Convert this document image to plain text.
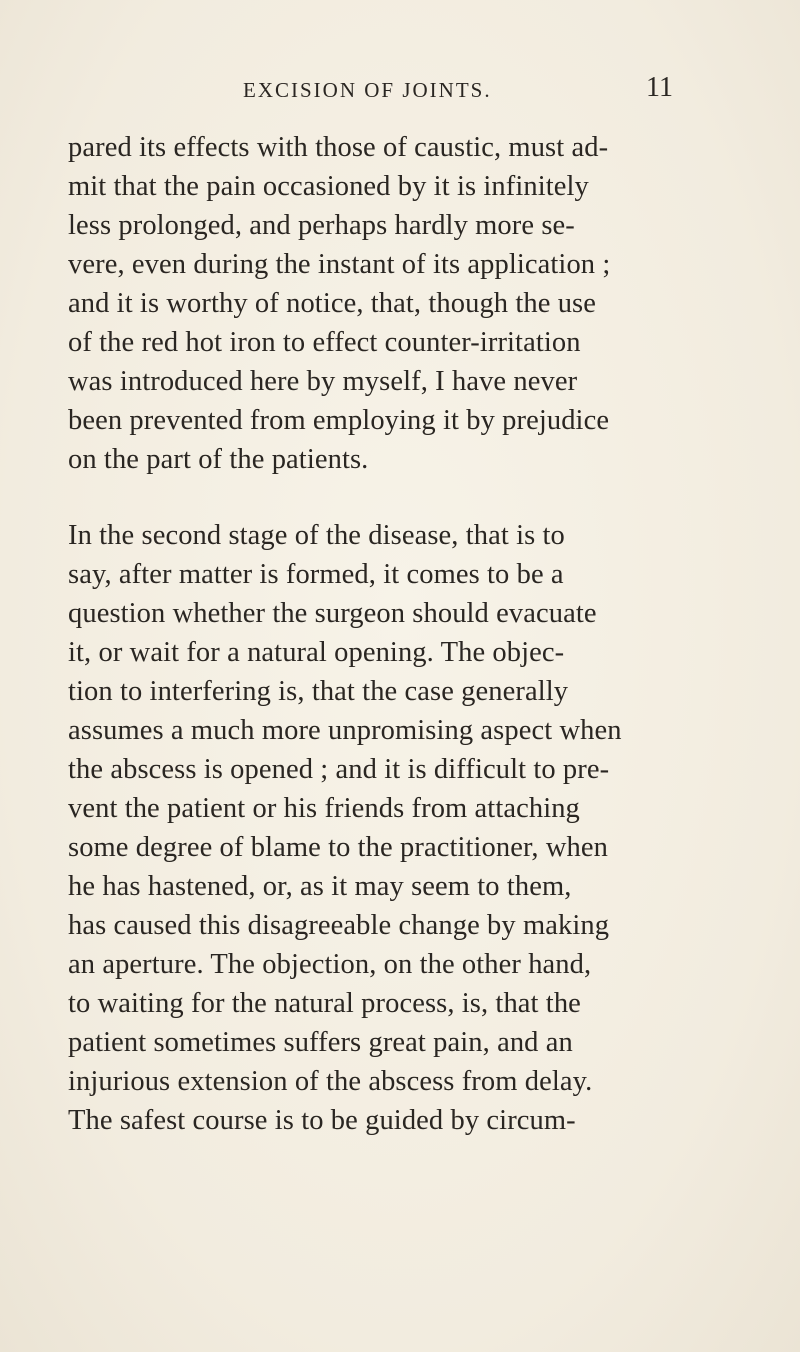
EXCISION OF JOINTS.	11
pared its effects with those of caustic, must ad-
mit that the pain occasioned by it is infinitely
less prolonged, and perhaps hardly more se-
vere, even during the instant of its application ;
and it is worthy of notice, that, though the use
of the red hot iron to effect counter-irritation
was introduced here by myself, I have never
been prevented from employing it by prejudice
on the part of the patients.
In the second stage of the disease, that is to
say, after matter is formed, it comes to be a
question whether the surgeon should evacuate
it, or wait for a natural opening. The objec-
tion to interfering is, that the case generally
assumes a much more unpromising aspect when
the abscess is opened ; and it is difficult to pre-
vent the patient or his friends from attaching
some degree of blame to the practitioner, when
he has hastened, or, as it may seem to them,
has caused this disagreeable change by making
an aperture. The objection, on the other hand,
to waiting for the natural process, is, that the
patient sometimes suffers great pain, and an
injurious extension of the abscess from delay.
The safest course is to be guided by circum-
